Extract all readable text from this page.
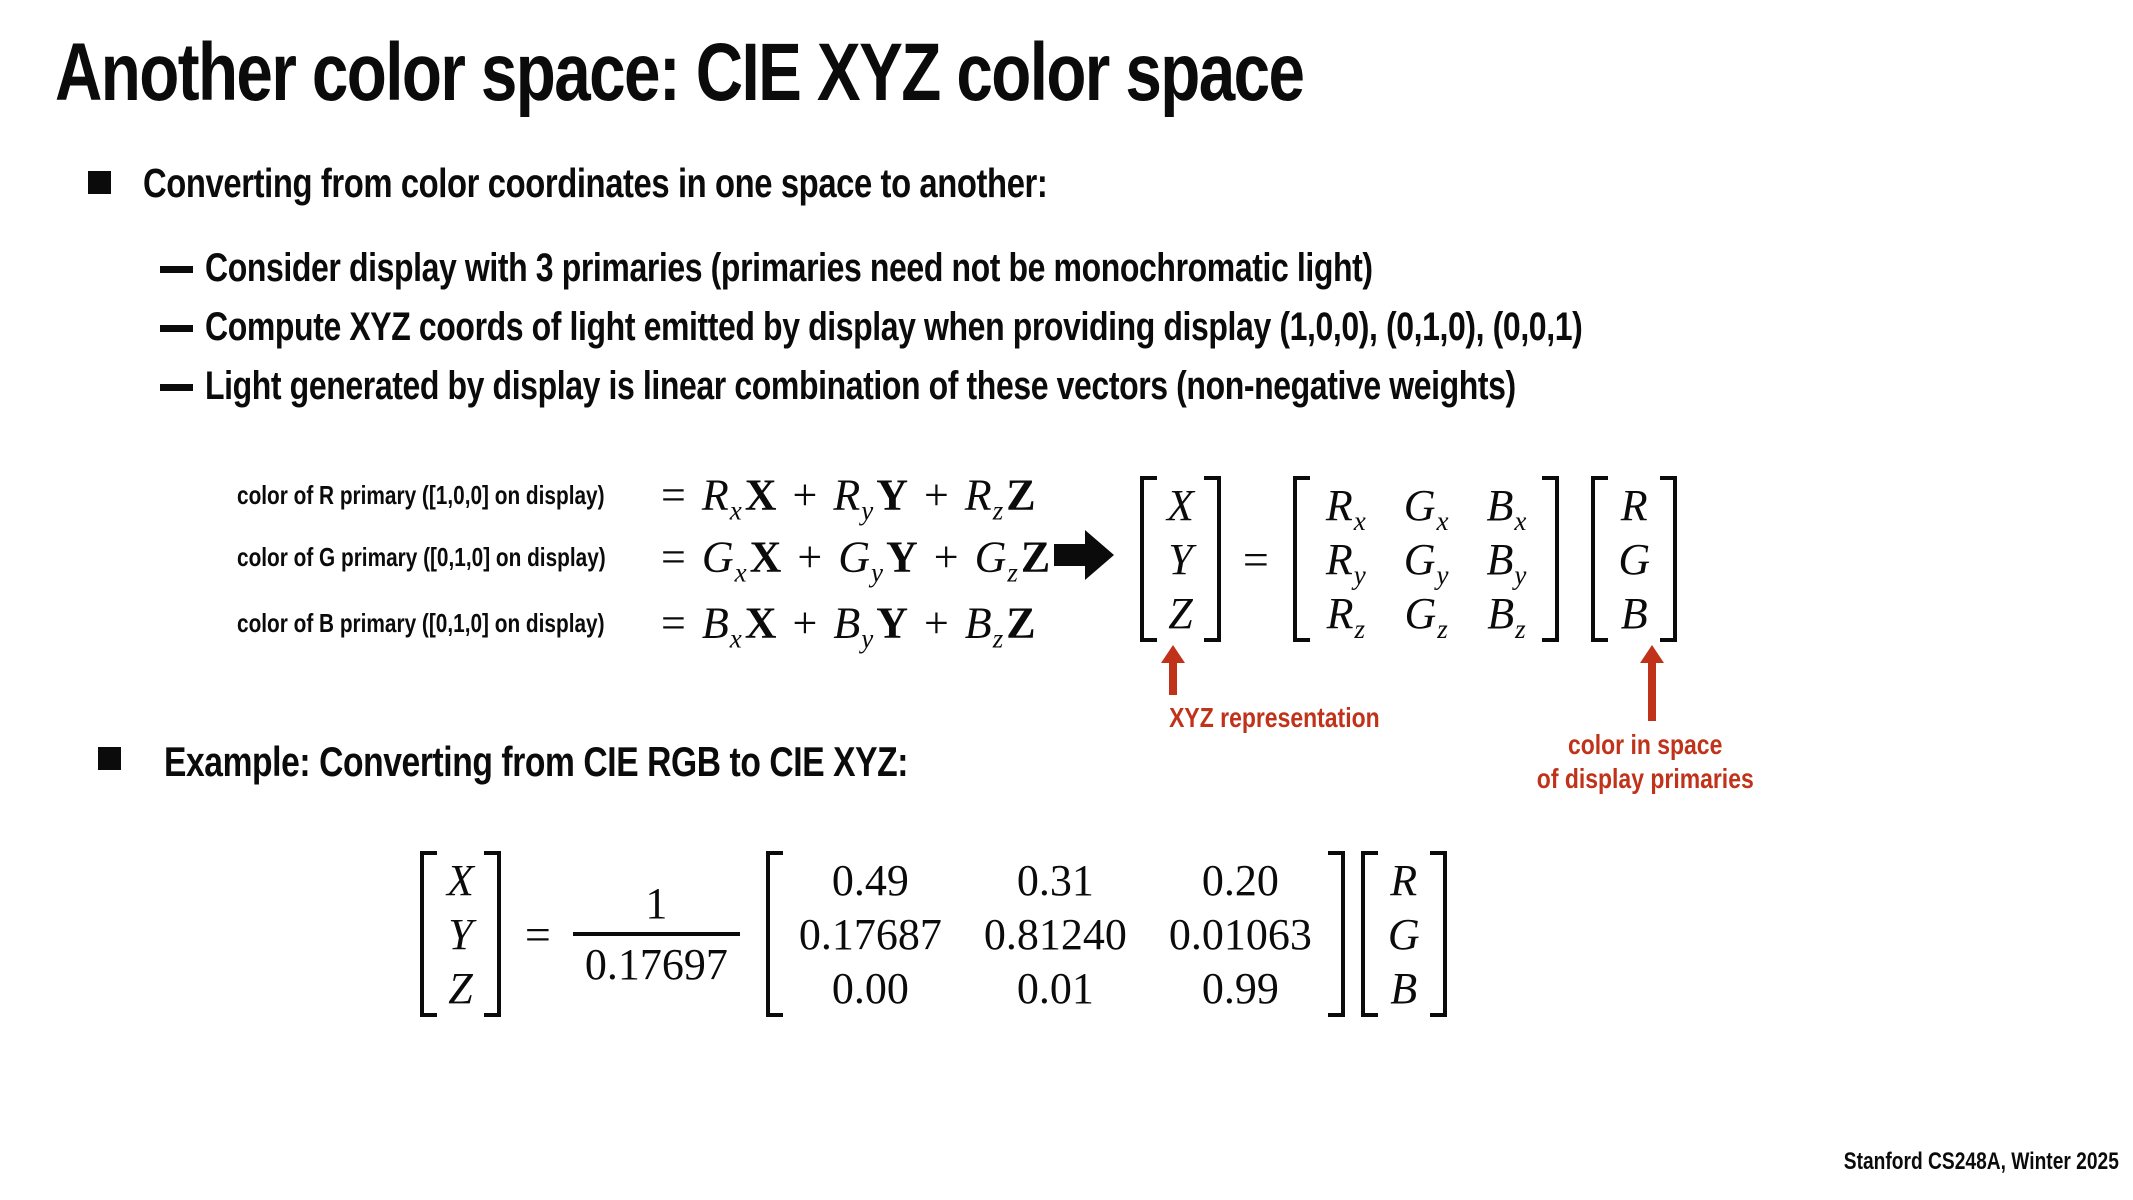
Another color space: CIE XYZ color space
Converting from color coordinates in one space to another:
Consider display with 3 primaries (primaries need not be monochromatic light)
Compute XYZ coords of light emitted by display when providing display (1,0,0), (0,1,0), (0,0,1)
Light generated by display is linear combination of these vectors (non-negative weights)
color of R primary ([1,0,0] on display)	= $R_xX + R_yY + R_zZ$
color of G primary ([0,1,0] on display)	= $G_xX + G_yY + G_zZ$
color of B primary ([0,1,0] on display)	= $B_xX + B_yY + B_zZ$
X
Y
Z
=
$R_x$ $G_x$ $B_x$
$R_y$ $G_y$ $B_y$
$R_z$ $G_z$ $B_z$
R
G
B
XYZ representation
color in space
of display primaries
Example: Converting from CIE RGB to CIE XYZ:
X
Y
Z
= $\frac{1}{0.17697} 0.49$ 0.31 0.20
0.17687 0.81240 0.01063
0.00 0.01 0.99
R
G
B
Stanford CS248A, Winter 2025
